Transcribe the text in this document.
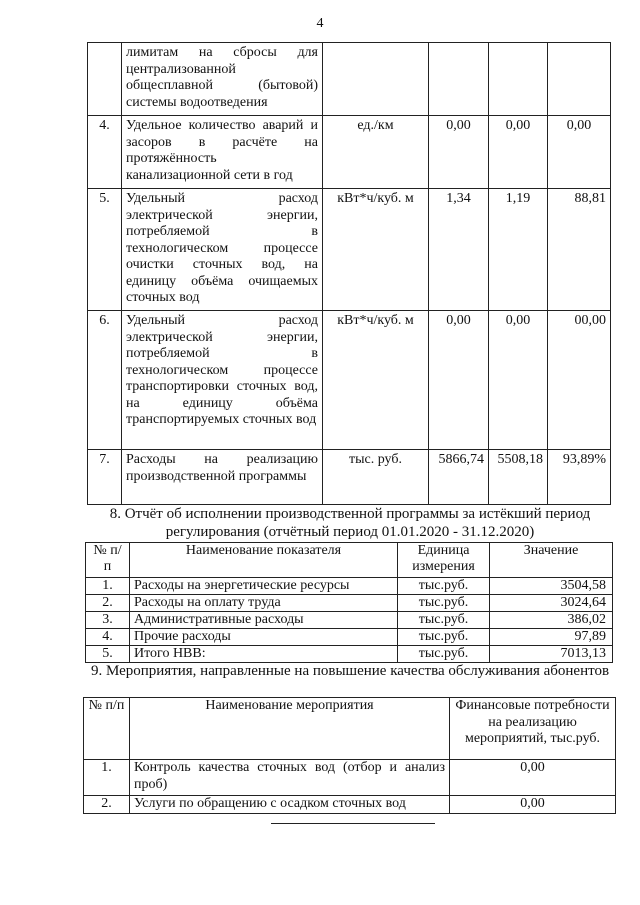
4
	лимитам на сбросы для централизованной общесплавной (бытовой) системы водоотведения				
4.	Удельное количество аварий и засоров в расчёте на протяжённость канализационной сети в год	ед./км	0,00	0,00	0,00
5.	Удельный расход электрической энергии, потребляемой в технологическом процессе очистки сточных вод, на единицу объёма очищаемых сточных вод	кВт*ч/куб. м	1,34	1,19	88,81
6.	Удельный расход электрической энергии, потребляемой в технологическом процессе транспортировки сточных вод, на единицу объёма транспортируемых сточных вод	кВт*ч/куб. м	0,00	0,00	00,00
7.	Расходы на реализацию производственной программы	тыс. руб.	5866,74	5508,18	93,89%
8. Отчёт об исполнении производственной программы за истёкший период регулирования (отчётный период 01.01.2020 - 31.12.2020)
№ п/п	Наименование показателя	Единица измерения	Значение
1.	Расходы на энергетические ресурсы	тыс.руб.	3504,58
2.	Расходы на оплату труда	тыс.руб.	3024,64
3.	Административные расходы	тыс.руб.	386,02
4.	Прочие расходы	тыс.руб.	97,89
5.	Итого НВВ:	тыс.руб.	7013,13
9. Мероприятия, направленные на повышение качества обслуживания абонентов
№ п/п	Наименование мероприятия	Финансовые потребности на реализацию мероприятий, тыс.руб.
1.	Контроль качества сточных вод (отбор и анализ проб)	0,00
2.	Услуги по обращению с осадком сточных вод	0,00
